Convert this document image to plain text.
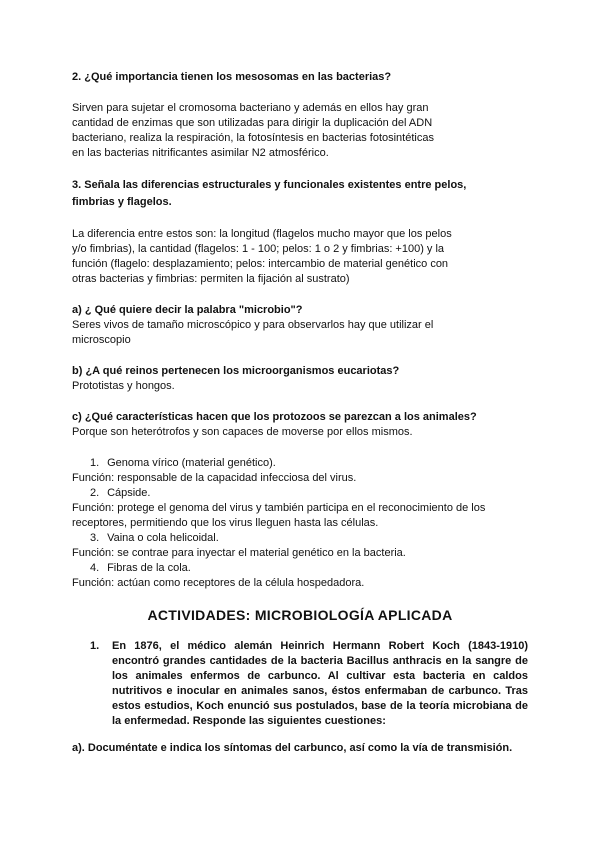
2. ¿Qué importancia tienen los mesosomas en las bacterias?

Sirven para sujetar el cromosoma bacteriano y además en ellos hay gran

cantidad de enzimas que son utilizadas para dirigir la duplicación del ADN

bacteriano, realiza la respiración, la fotosíntesis en bacterias fotosintéticas

en las bacterias nitrificantes asimilar N2 atmosférico.

3. Señala las diferencias estructurales y funcionales existentes entre pelos,

fimbrias y flagelos.

La diferencia entre estos son: la longitud (flagelos mucho mayor que los pelos

y/o fimbrias), la cantidad (flagelos: 1 - 100; pelos: 1 o 2 y fimbrias: +100) y la

función (flagelo: desplazamiento; pelos: intercambio de material genético con

otras bacterias y fimbrias: permiten la fijación al sustrato)

a) ¿ Qué quiere decir la palabra "microbio"?

Seres vivos de tamaño microscópico y para observarlos hay que utilizar el

microscopio

b) ¿A qué reinos pertenecen los microorganismos eucariotas?

Prototistas y hongos.

c) ¿Qué características hacen que los protozoos se parezcan a los animales?

Porque son heterótrofos y son capaces de moverse por ellos mismos.

1. Genoma vírico (material genético).
Función: responsable de la capacidad infecciosa del virus.
2. Cápside.
Función: protege el genoma del virus y también participa en el reconocimiento de los
receptores, permitiendo que los virus lleguen hasta las células.
3. Vaina o cola helicoidal.
Función: se contrae para inyectar el material genético en la bacteria.
4. Fibras de la cola.
Función: actúan como receptores de la célula hospedadora.
ACTIVIDADES: MICROBIOLOGÍA APLICADA
1.	En 1876, el médico alemán Heinrich Hermann Robert Koch (1843-1910) encontró grandes cantidades de la bacteria Bacillus anthracis en la sangre de los animales enfermos de carbunco. Al cultivar esta bacteria en caldos nutritivos e inocular en animales sanos, éstos enfermaban de carbunco. Tras estos estudios, Koch enunció sus postulados, base de la teoría microbiana de la enfermedad. Responde las siguientes cuestiones:

a). Documéntate e indica los síntomas del carbunco, así como la vía de transmisión.
